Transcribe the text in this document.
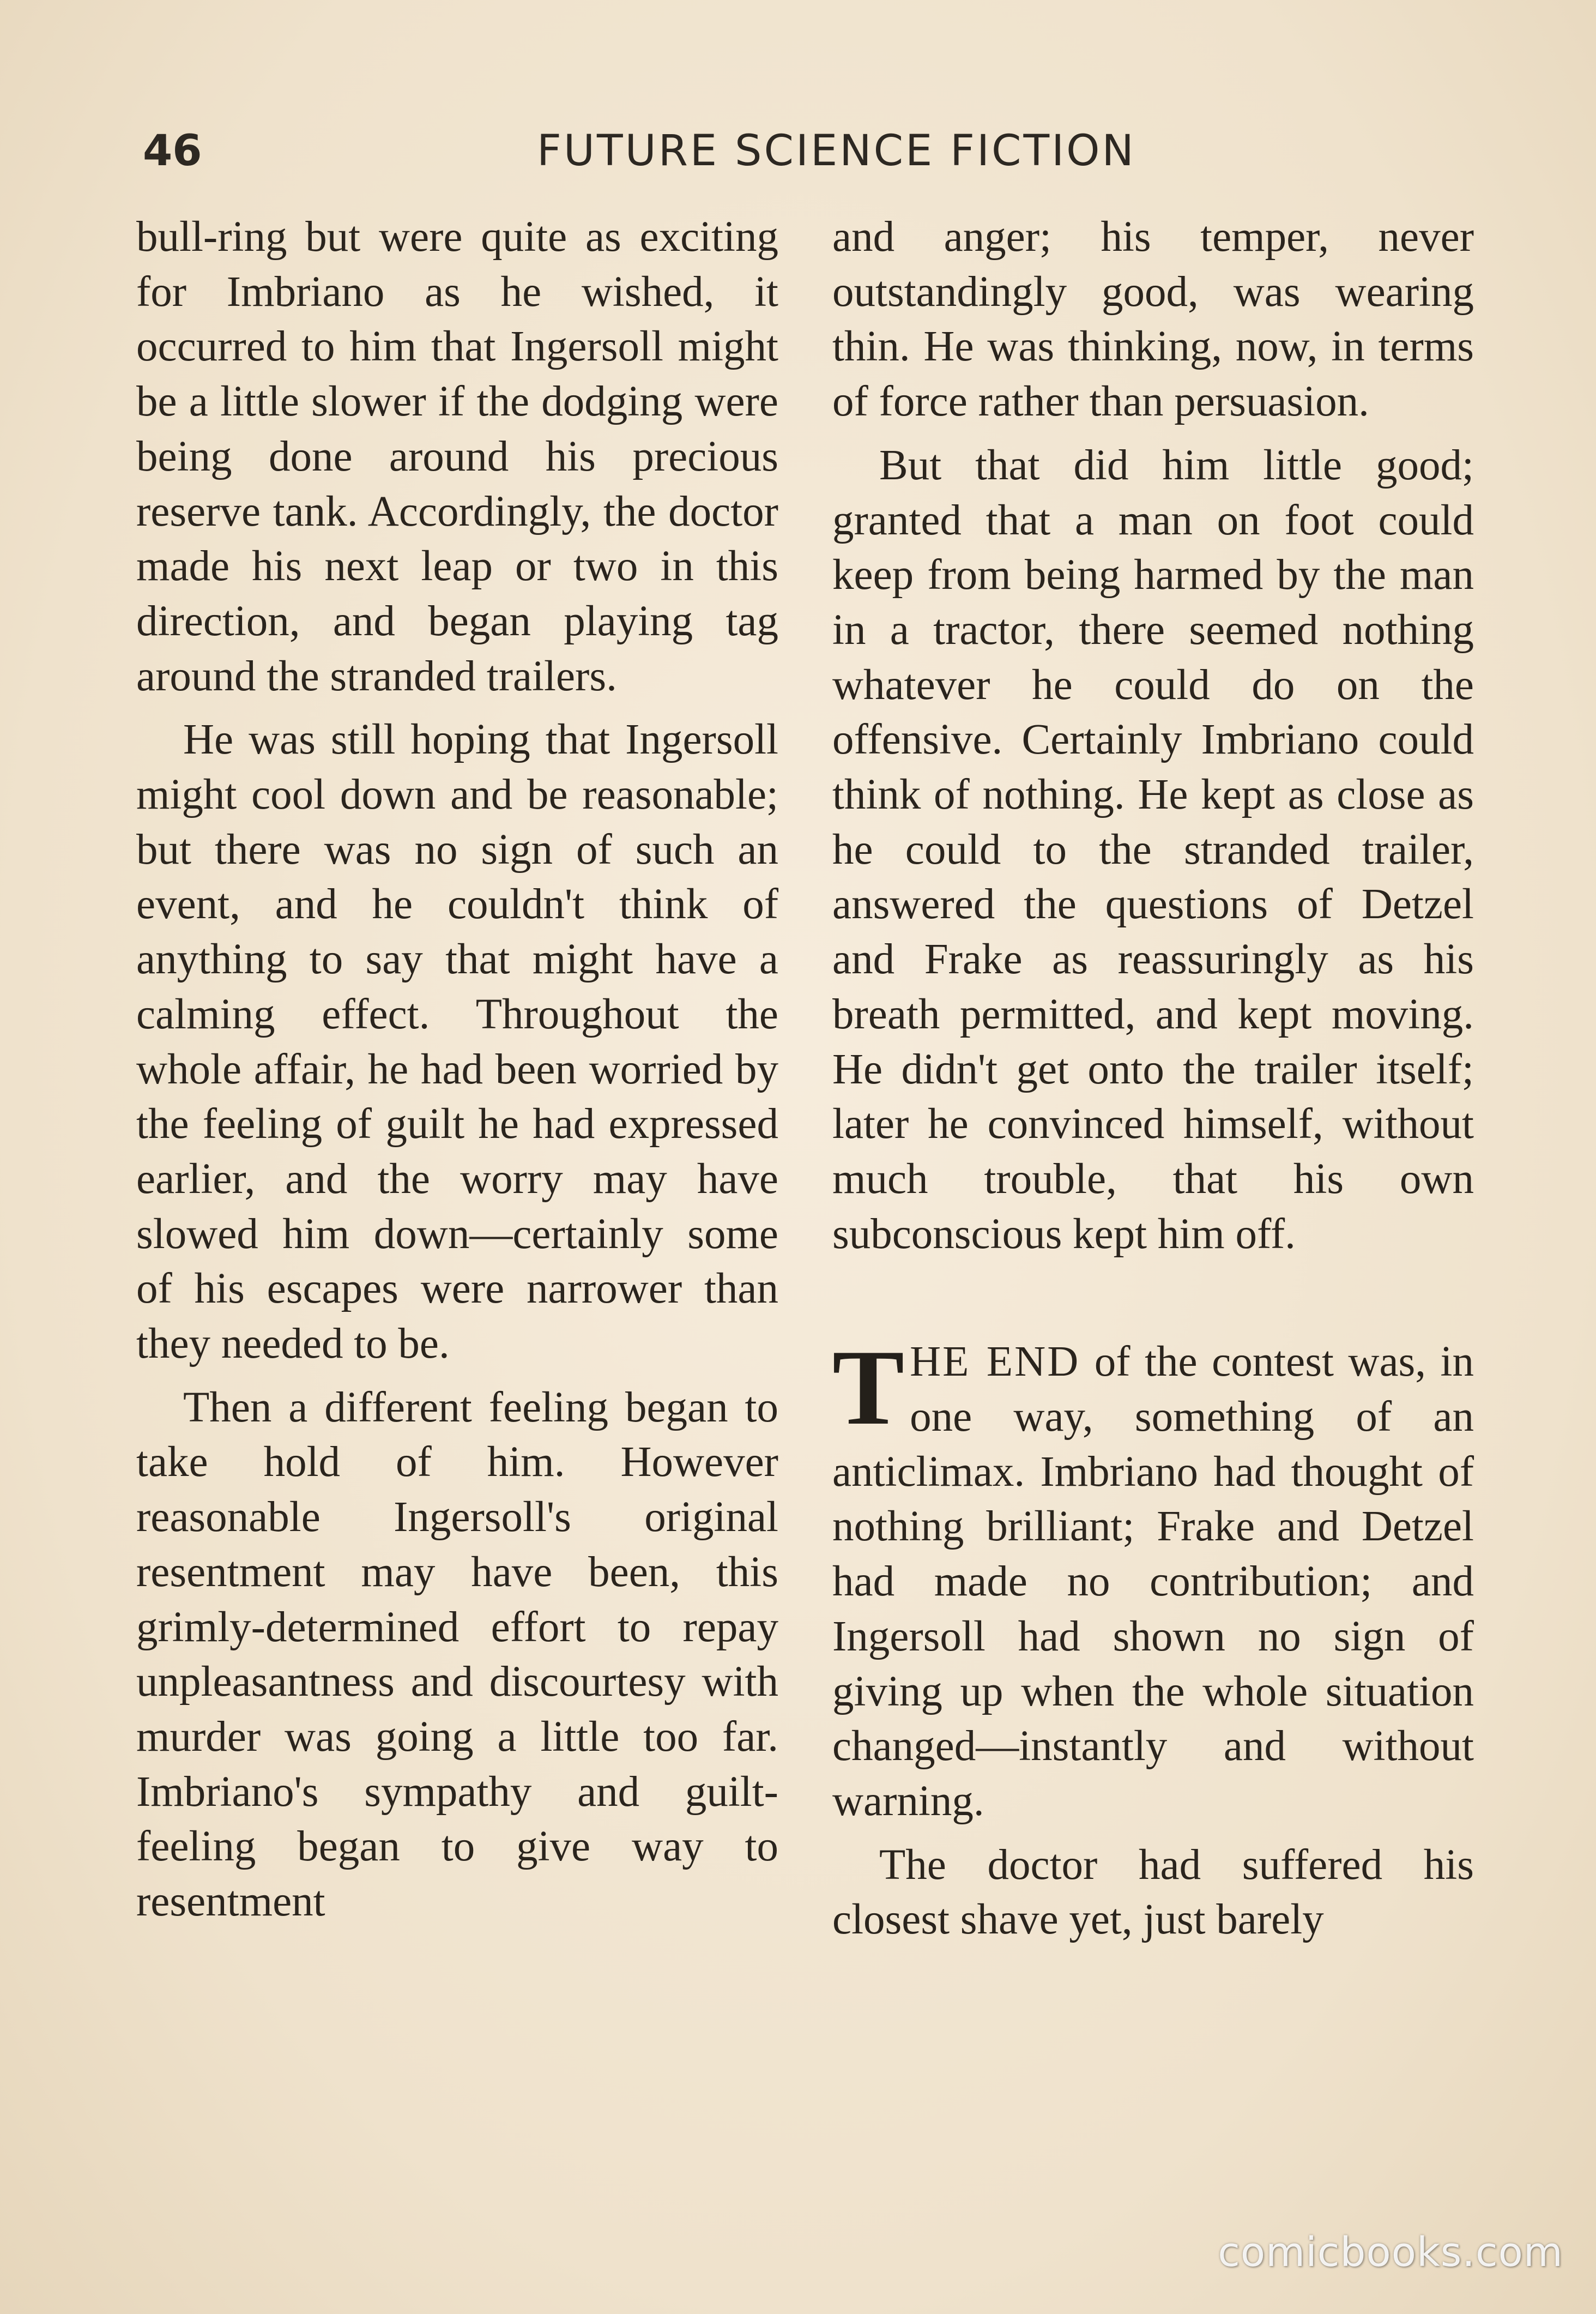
46	FUTURE SCIENCE FICTION

bull-ring but were quite as exciting for Imbriano as he wished, it occurred to him that Ingersoll might be a little slower if the dodging were being done around his precious reserve tank. Accordingly, the doctor made his next leap or two in this direction, and began playing tag around the stranded trailers.

He was still hoping that Ingersoll might cool down and be reasonable; but there was no sign of such an event, and he couldn't think of anything to say that might have a calming effect. Throughout the whole affair, he had been worried by the feeling of guilt he had expressed earlier, and the worry may have slowed him down—certainly some of his escapes were narrower than they needed to be.

Then a different feeling began to take hold of him. However reasonable Ingersoll's original resentment may have been, this grimly-determined effort to repay unpleasantness and discourtesy with murder was going a little too far. Imbriano's sympathy and guilt-feeling began to give way to resentment

and anger; his temper, never outstandingly good, was wearing thin. He was thinking, now, in terms of force rather than persuasion.

But that did him little good; granted that a man on foot could keep from being harmed by the man in a tractor, there seemed nothing whatever he could do on the offensive. Certainly Imbriano could think of nothing. He kept as close as he could to the stranded trailer, answered the questions of Detzel and Frake as reassuringly as his breath permitted, and kept moving. He didn't get onto the trailer itself; later he convinced himself, without much trouble, that his own subconscious kept him off.

THE END of the contest was, in one way, something of an anticlimax. Imbriano had thought of nothing brilliant; Frake and Detzel had made no contribution; and Ingersoll had shown no sign of giving up when the whole situation changed—instantly and without warning.

The doctor had suffered his closest shave yet, just barely

comicbooks.com
